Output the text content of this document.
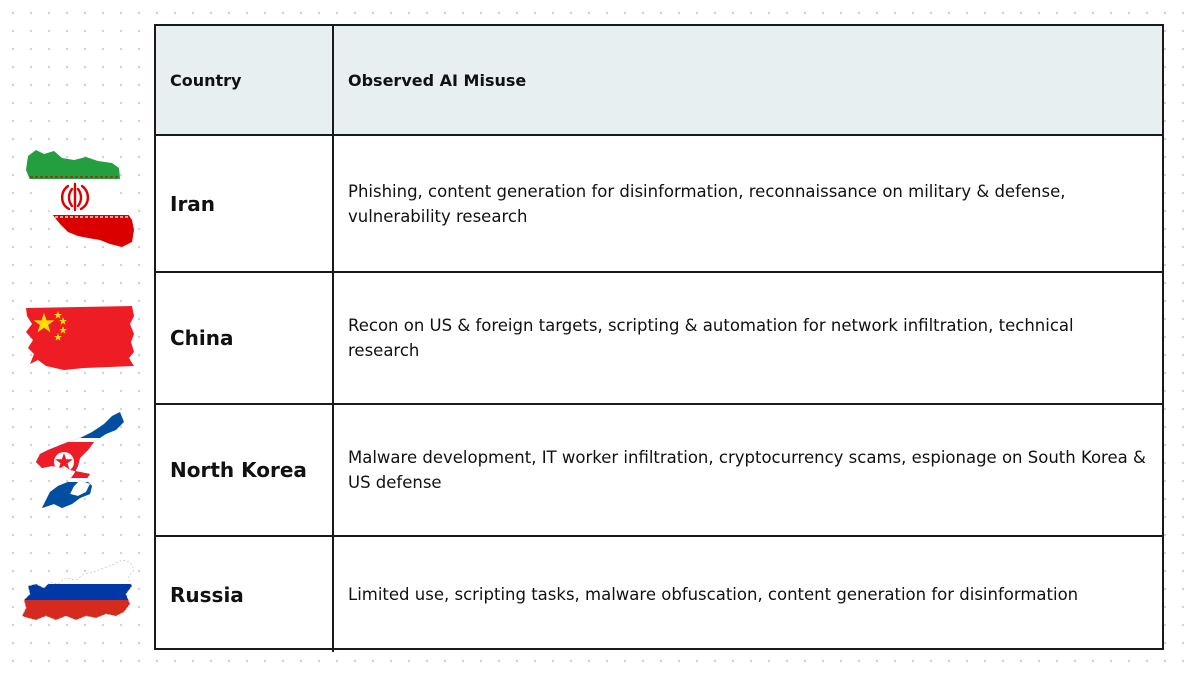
Country	Observed AI Misuse
Iran	Phishing, content generation for disinformation, reconnaissance on military & defense, vulnerability research
China	Recon on US & foreign targets, scripting & automation for network infiltration, technical research
North Korea	Malware development, IT worker infiltration, cryptocurrency scams, espionage on South Korea & US defense
Russia	Limited use, scripting tasks, malware obfuscation, content generation for disinformation
